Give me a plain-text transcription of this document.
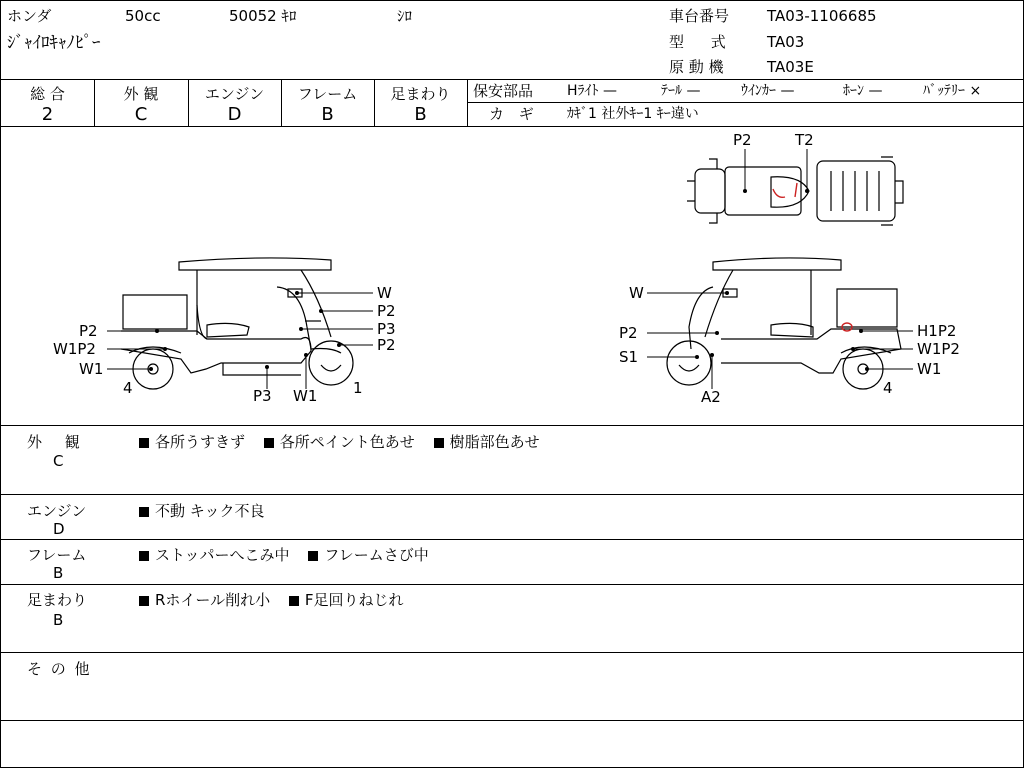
ホンダ	50cc	50052 ｷﾛ	ｼﾛ
ｼﾞｬｲﾛｷｬﾉﾋﾟｰ
車台番号	TA03-1106685
型 式	TA03
原 動 機	TA03E
総 合	外 観	エンジン	フレーム	足まわり
2	C	D	B	B
保安部品 Hﾗｲﾄ —	ﾃｰﾙ —	ｳｲﾝｶｰ —	ﾎｰﾝ —	ﾊﾞｯﾃﾘｰ ×
カ ギ ｶｷﾞ1 社外ｷｰ1 ｷｰ違い
W
P2
P3
P2
P2
W1P2
W1
4	P3 W1 1
W
P2
S1
A2
H1P2
W1P2
W1
4
P2	T2
外 観
C
各所うすきず 各所ペイント色あせ 樹脂部色あせ
エンジン
D
不動 キック不良
フレーム
B
ストッパーへこみ中 フレームさび中
足まわり
B
Rホイール削れ小 F足回りねじれ
そ の 他
